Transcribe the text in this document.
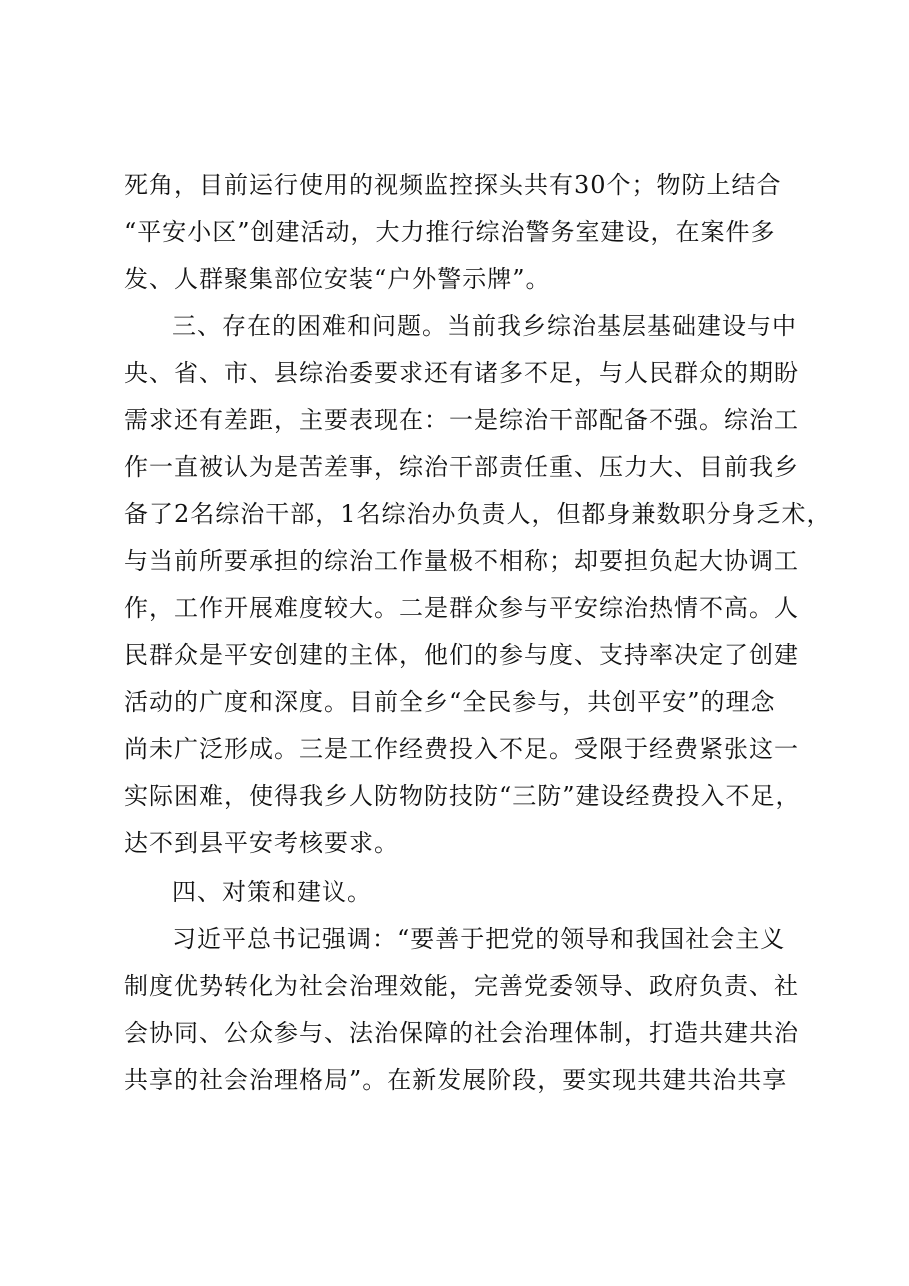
死角，目前运行使用的视频监控探头共有30个；物防上结合
“平安小区”创建活动，大力推行综治警务室建设，在案件多
发、人群聚集部位安装“户外警示牌”。
三、存在的困难和问题。当前我乡综治基层基础建设与中
央、省、市、县综治委要求还有诸多不足，与人民群众的期盼
需求还有差距，主要表现在：一是综治干部配备不强。综治工
作一直被认为是苦差事，综治干部责任重、压力大、目前我乡
备了2名综治干部，1名综治办负责人，但都身兼数职分身乏术，
与当前所要承担的综治工作量极不相称；却要担负起大协调工
作，工作开展难度较大。二是群众参与平安综治热情不高。人
民群众是平安创建的主体，他们的参与度、支持率决定了创建
活动的广度和深度。目前全乡“全民参与，共创平安”的理念
尚未广泛形成。三是工作经费投入不足。受限于经费紧张这一
实际困难，使得我乡人防物防技防“三防”建设经费投入不足，
达不到县平安考核要求。
四、对策和建议。
习近平总书记强调：“要善于把党的领导和我国社会主义
制度优势转化为社会治理效能，完善党委领导、政府负责、社
会协同、公众参与、法治保障的社会治理体制，打造共建共治
共享的社会治理格局”。在新发展阶段，要实现共建共治共享
